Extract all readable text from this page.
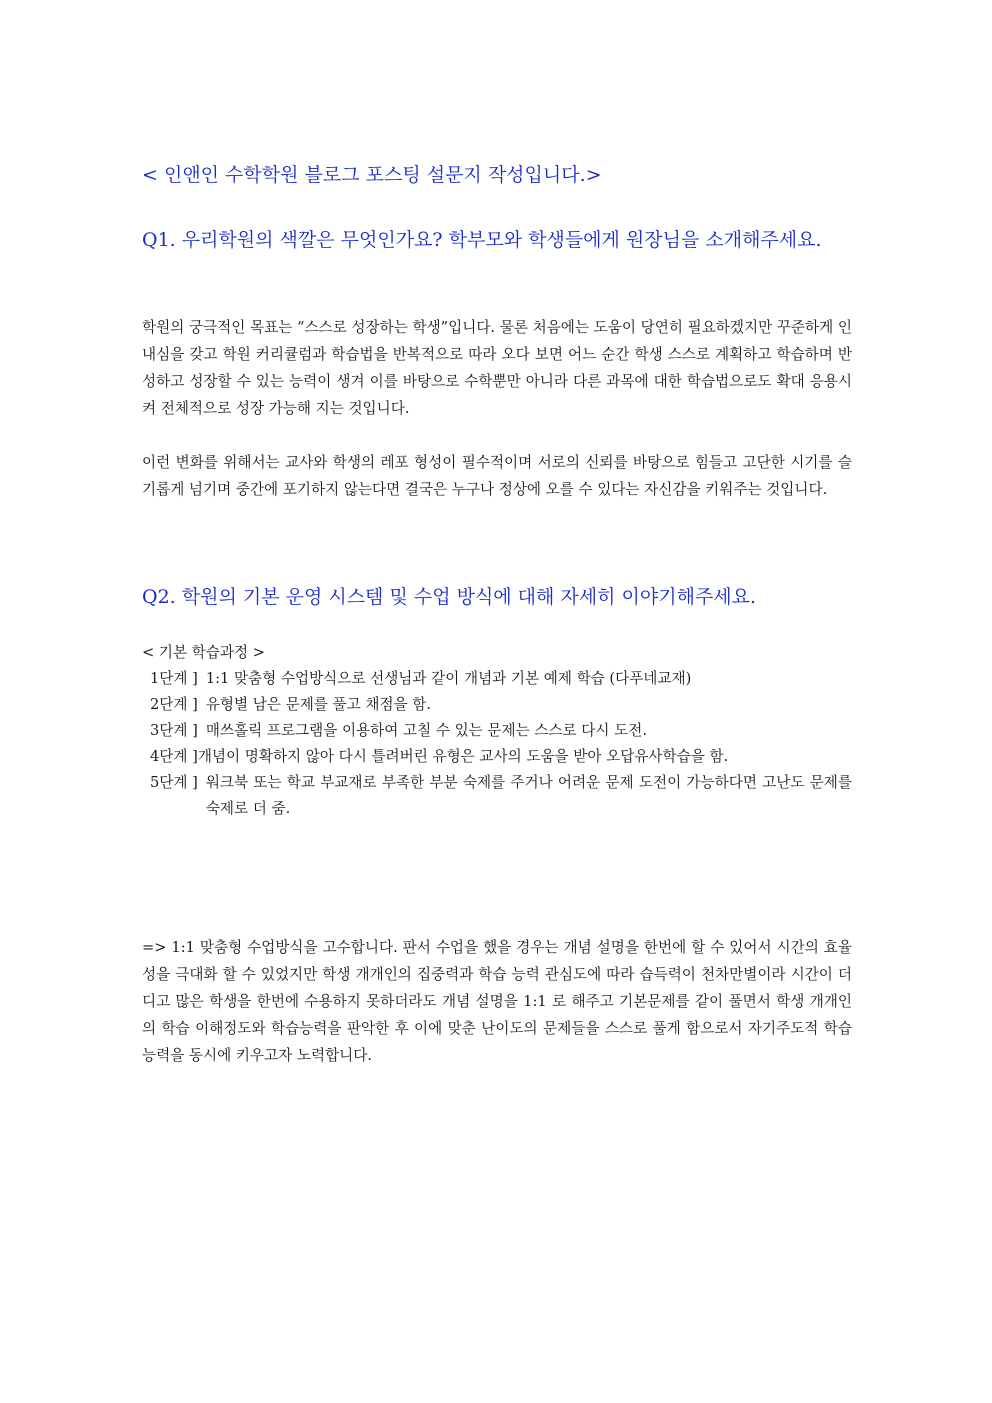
< 인앤인 수학학원 블로그 포스팅 설문지 작성입니다.>
Q1. 우리학원의 색깔은 무엇인가요? 학부모와 학생들에게 원장님을 소개해주세요.

학원의 궁극적인 목표는 “스스로 성장하는 학생”입니다. 물론 처음에는 도움이 당연히 필요하겠지만 꾸준하게 인내심을 갖고 학원 커리큘럼과 학습법을 반복적으로 따라 오다 보면 어느 순간 학생 스스로 계획하고 학습하며 반성하고 성장할 수 있는 능력이 생겨 이를 바탕으로 수학뿐만 아니라 다른 과목에 대한 학습법으로도 확대 응용시켜 전체적으로 성장 가능해 지는 것입니다.

이런 변화를 위해서는 교사와 학생의 레포 형성이 필수적이며 서로의 신뢰를 바탕으로 힘들고 고단한 시기를 슬기롭게 넘기며 중간에 포기하지 않는다면 결국은 누구나 정상에 오를 수 있다는 자신감을 키워주는 것입니다.

Q2. 학원의 기본 운영 시스템 및 수업 방식에 대해 자세히 이야기해주세요.
< 기본 학습과정 >
1단계 ] 1:1 맞춤형 수업방식으로 선생님과 같이 개념과 기본 예제 학습 (다푸네교재)
2단계 ] 유형별 남은 문제를 풀고 채점을 함.
3단계 ] 매쓰홀릭 프로그램을 이용하여 고칠 수 있는 문제는 스스로 다시 도전.
4단계 ] 개념이 명확하지 않아 다시 틀려버린 유형은 교사의 도움을 받아 오답유사학습을 함.
5단계 ] 워크북 또는 학교 부교재로 부족한 부분 숙제를 주거나 어려운 문제 도전이 가능하다면 고난도 문제를 숙제로 더 줌.

=> 1:1 맞춤형 수업방식을 고수합니다. 판서 수업을 했을 경우는 개념 설명을 한번에 할 수 있어서 시간의 효율성을 극대화 할 수 있었지만 학생 개개인의 집중력과 학습 능력 관심도에 따라 습득력이 천차만별이라 시간이 더디고 많은 학생을 한번에 수용하지 못하더라도 개념 설명을 1:1 로 해주고 기본문제를 같이 풀면서 학생 개개인의 학습 이해정도와 학습능력을 판악한 후 이에 맞춘 난이도의 문제들을 스스로 풀게 함으로서 자기주도적 학습능력을 동시에 키우고자 노력합니다.
